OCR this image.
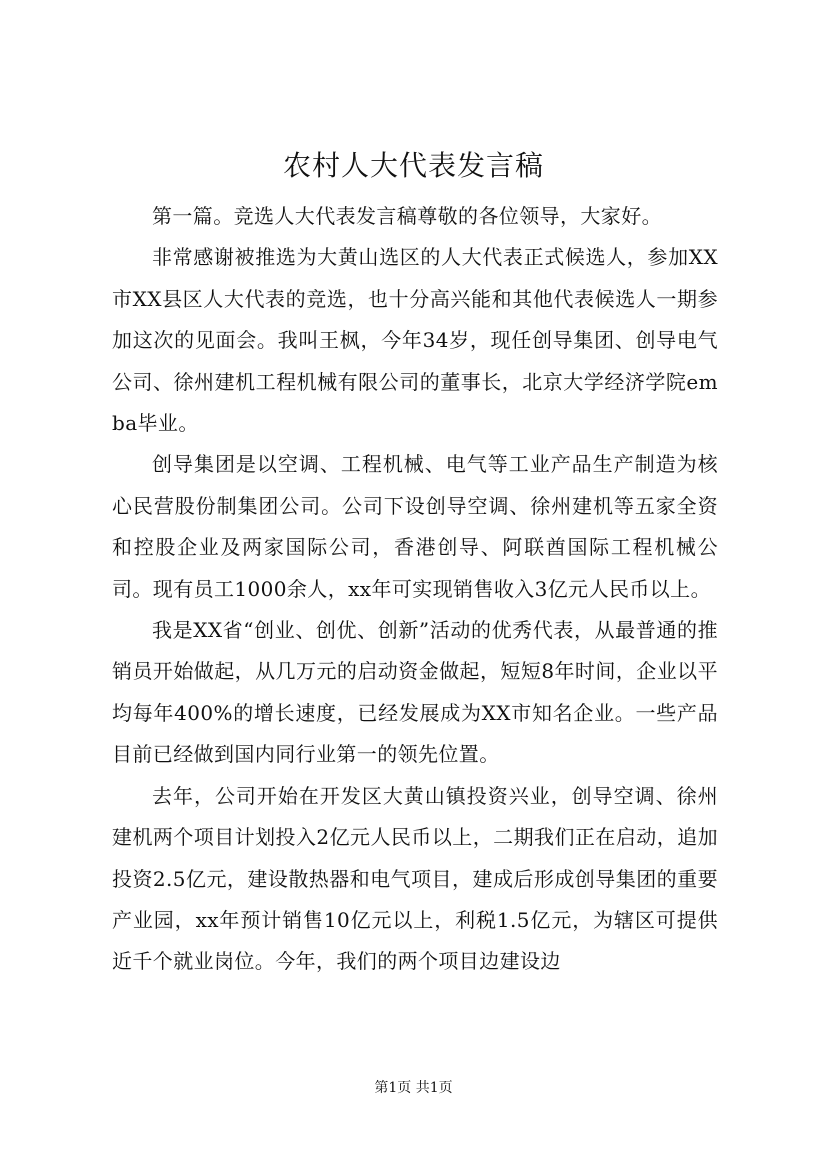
农村人大代表发言稿

第一篇。竞选人大代表发言稿尊敬的各位领导，大家好。

非常感谢被推选为大黄山选区的人大代表正式候选人，参加XX市XX县区人大代表的竞选，也十分高兴能和其他代表候选人一期参加这次的见面会。我叫王枫，今年34岁，现任创导集团、创导电气公司、徐州建机工程机械有限公司的董事长，北京大学经济学院emba毕业。

创导集团是以空调、工程机械、电气等工业产品生产制造为核心民营股份制集团公司。公司下设创导空调、徐州建机等五家全资和控股企业及两家国际公司，香港创导、阿联酋国际工程机械公司。现有员工1000余人，xx年可实现销售收入3亿元人民币以上。

我是XX省“创业、创优、创新”活动的优秀代表，从最普通的推销员开始做起，从几万元的启动资金做起，短短8年时间，企业以平均每年400%的增长速度，已经发展成为XX市知名企业。一些产品目前已经做到国内同行业第一的领先位置。

去年，公司开始在开发区大黄山镇投资兴业，创导空调、徐州建机两个项目计划投入2亿元人民币以上，二期我们正在启动，追加投资2.5亿元，建设散热器和电气项目，建成后形成创导集团的重要产业园，xx年预计销售10亿元以上，利税1.5亿元，为辖区可提供近千个就业岗位。今年，我们的两个项目边建设边

第1页 共1页
